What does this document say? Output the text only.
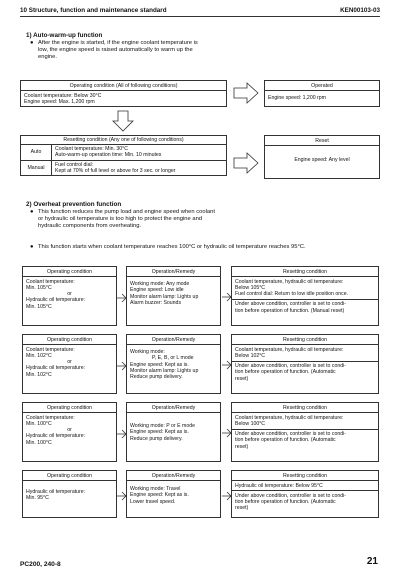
10 Structure, function and maintenance standard	KEN00103-03
1) Auto-warm-up function
● After the engine is started, if the engine coolant temperature is low, the engine speed is raised automatically to warm up the engine.
Operating condition (All of following conditions)
Coolant temperature: Below 30°C
Engine speed: Max. 1,200 rpm
Operated
Engine speed: 1,200 rpm
Resetting condition (Any one of following conditions)	
Auto	Coolant temperature: Min. 30°C
Auto-warm-up operation time: Min. 10 minutes

Manual	Fuel control dial:
Kept at 70% of full level or above for 3 sec. or longer
Reset
Engine speed: Any level
2) Overheat prevention function
● This function reduces the pump load and engine speed when coolant or hydraulic oil temperature is too high to protect the engine and hydraulic components from overheating.
● This function starts when coolant temperature reaches 100°C or hydraulic oil temperature reaches 95°C.
Operating condition
Coolant temperature:
Min. 105°C
or
Hydraulic oil temperature:
Min. 105°C
Operation/Remedy
Working mode: Any mode
Engine speed: Low idle
Monitor alarm lamp: Lights up
Alarm buzzer: Sounds
Resetting condition
Coolant temperature, hydraulic oil temperature:
Below 105°C
Fuel control dial: Return to low idle position once.
Under above condition, controller is set to condi-
tion before operation of function. (Manual reset)
Operating condition
Coolant temperature:
Min. 102°C
or
Hydraulic oil temperature:
Min. 102°C
Operation/Remedy
Working mode:
P, E, B, or L mode
Engine speed: Kept as is.
Monitor alarm lamp: Lights up
Reduce pump delivery.
Resetting condition
Coolant temperature, hydraulic oil temperature:
Below 102°C
Under above condition, controller is set to condi-
tion before operation of function. (Automatic
reset)
Operating condition
Coolant temperature:
Min. 100°C
or
Hydraulic oil temperature:
Min. 100°C
Operation/Remedy
Working mode: P or E mode
Engine speed: Kept as is.
Reduce pump delivery.
Resetting condition
Coolant temperature, hydraulic oil temperature:
Below 100°C
Under above condition, controller is set to condi-
tion before operation of function. (Automatic
reset)
Operating condition
Hydraulic oil temperature:
Min. 95°C
Operation/Remedy
Working mode: Travel
Engine speed: Kept as is.
Lower travel speed.
Resetting condition
Hydraulic oil temperature: Below 95°C
Under above condition, controller is set to condi-
tion before operation of function. (Automatic
reset)
PC200, 240-8	21
